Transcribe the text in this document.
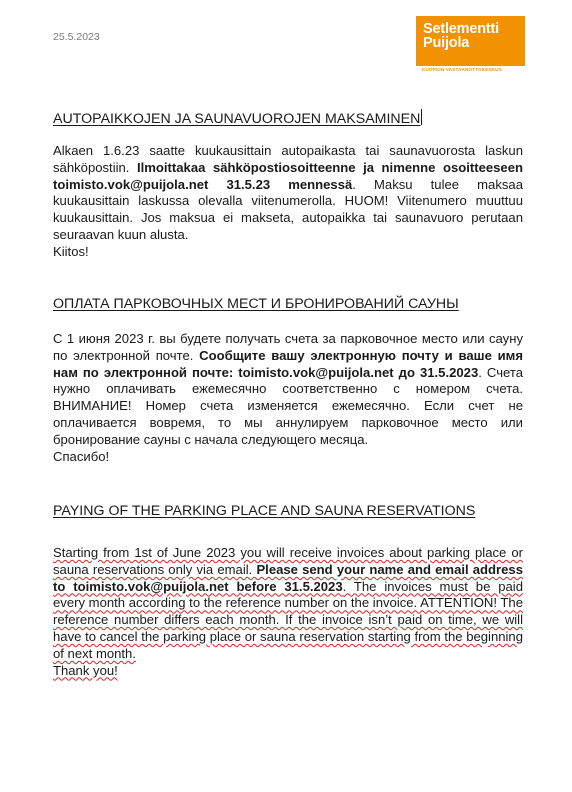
25.5.2023	Setlementti
Puijola
KUOPION VASTAANOTTOKESKUS
AUTOPAIKKOJEN JA SAUNAVUOROJEN MAKSAMINEN

Alkaen 1.6.23 saatte kuukausittain autopaikasta tai saunavuorosta laskun sähköpostiin. Ilmoittakaa sähköpostiosoitteenne ja nimenne osoitteeseen toimisto.vok@puijola.net 31.5.23 mennessä. Maksu tulee maksaa kuukausittain laskussa olevalla viitenumerolla. HUOM! Viitenumero muuttuu kuukausittain. Jos maksua ei makseta, autopaikka tai saunavuoro perutaan seuraavan kuun alusta.
Kiitos!

ОПЛАТА ПАРКОВОЧНЫХ МЕСТ И БРОНИРОВАНИЙ САУНЫ

С 1 июня 2023 г. вы будете получать счета за парковочное место или сауну по электронной почте. Сообщите вашу электронную почту и ваше имя нам по электронной почте: toimisto.vok@puijola.net до 31.5.2023. Счета нужно оплачивать ежемесячно соответственно с номером счета. ВНИМАНИЕ! Номер счета изменяется ежемесячно. Если счет не оплачивается вовремя, то мы аннулируем парковочное место или бронирование сауны с начала следующего месяца.
Спасибо!

PAYING OF THE PARKING PLACE AND SAUNA RESERVATIONS

Starting from 1st of June 2023 you will receive invoices about parking place or sauna reservations only via email. Please send your name and email address to toimisto.vok@puijola.net before 31.5.2023. The invoices must be paid every month according to the reference number on the invoice. ATTENTION! The reference number differs each month. If the invoice isn’t paid on time, we will have to cancel the parking place or sauna reservation starting from the beginning of next month.
Thank you!
